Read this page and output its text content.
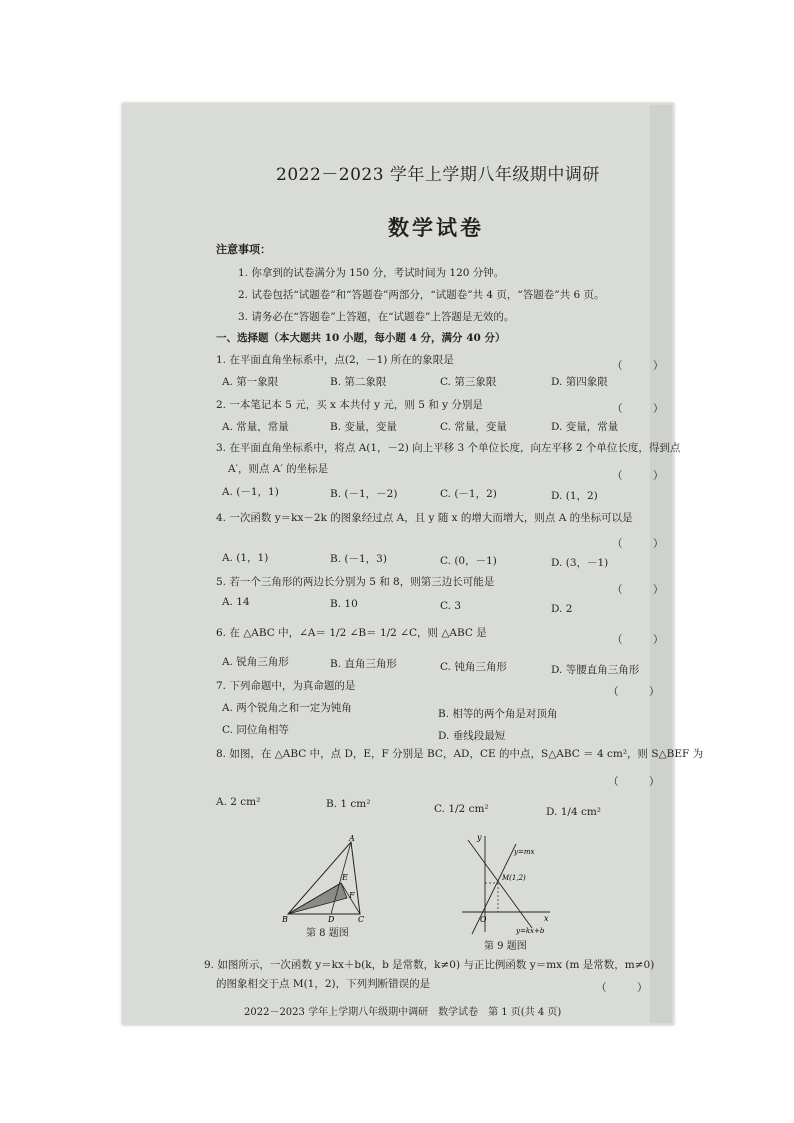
2022－2023 学年上学期八年级期中调研
数学试卷
注意事项：
1. 你拿到的试卷满分为 150 分，考试时间为 120 分钟。
2. 试卷包括“试题卷”和“答题卷”两部分，“试题卷”共 4 页，“答题卷”共 6 页。
3. 请务必在“答题卷”上答题，在“试题卷”上答题是无效的。
一、选择题（本大题共 10 小题，每小题 4 分，满分 40 分）
1. 在平面直角坐标系中，点(2，－1) 所在的象限是	（　）
A. 第一象限	B. 第二象限	C. 第三象限	D. 第四象限
2. 一本笔记本 5 元，买 x 本共付 y 元，则 5 和 y 分别是	（　）
A. 常量，常量	B. 变量，变量	C. 常量，变量	D. 变量，常量
3. 在平面直角坐标系中，将点 A(1，－2) 向上平移 3 个单位长度，向左平移 2 个单位长度，得到点
A′，则点 A′ 的坐标是
（　）
A. (－1，1)	B. (－1，－2)	C. (－1，2)	D. (1，2)
4. 一次函数 y＝kx－2k 的图象经过点 A，且 y 随 x 的增大而增大，则点 A 的坐标可以是
（　）
A. (1，1)	B. (－1，3)	C. (0，－1)	D. (3，－1)
5. 若一个三角形的两边长分别为 5 和 8，则第三边长可能是
（　）
A. 14	B. 10	C. 3	D. 2
6. 在 △ABC 中，∠A＝ 1/2 ∠B＝ 1/2 ∠C，则 △ABC 是
（　）
A. 锐角三角形	B. 直角三角形	C. 钝角三角形	D. 等腰直角三角形
7. 下列命题中，为真命题的是	（　）
A. 两个锐角之和一定为钝角	B. 相等的两个角是对顶角
C. 同位角相等	D. 垂线段最短
8. 如图，在 △ABC 中，点 D，E，F 分别是 BC，AD，CE 的中点，S△ABC ＝ 4 cm²，则 S△BEF 为
（　）
A. 2 cm²	B. 1 cm²	C. 1/2 cm²	D. 1/4 cm²
A
B	C
D
E
F
第 8 题图
y
x
O
y=mx
M(1,2)
y=kx+b
第 9 题图
9. 如图所示，一次函数 y＝kx＋b(k，b 是常数，k≠0) 与正比例函数 y＝mx (m 是常数，m≠0)
的图象相交于点 M(1，2)，下列判断错误的是	（　）
2022－2023 学年上学期八年级期中调研　数学试卷　第 1 页(共 4 页)
